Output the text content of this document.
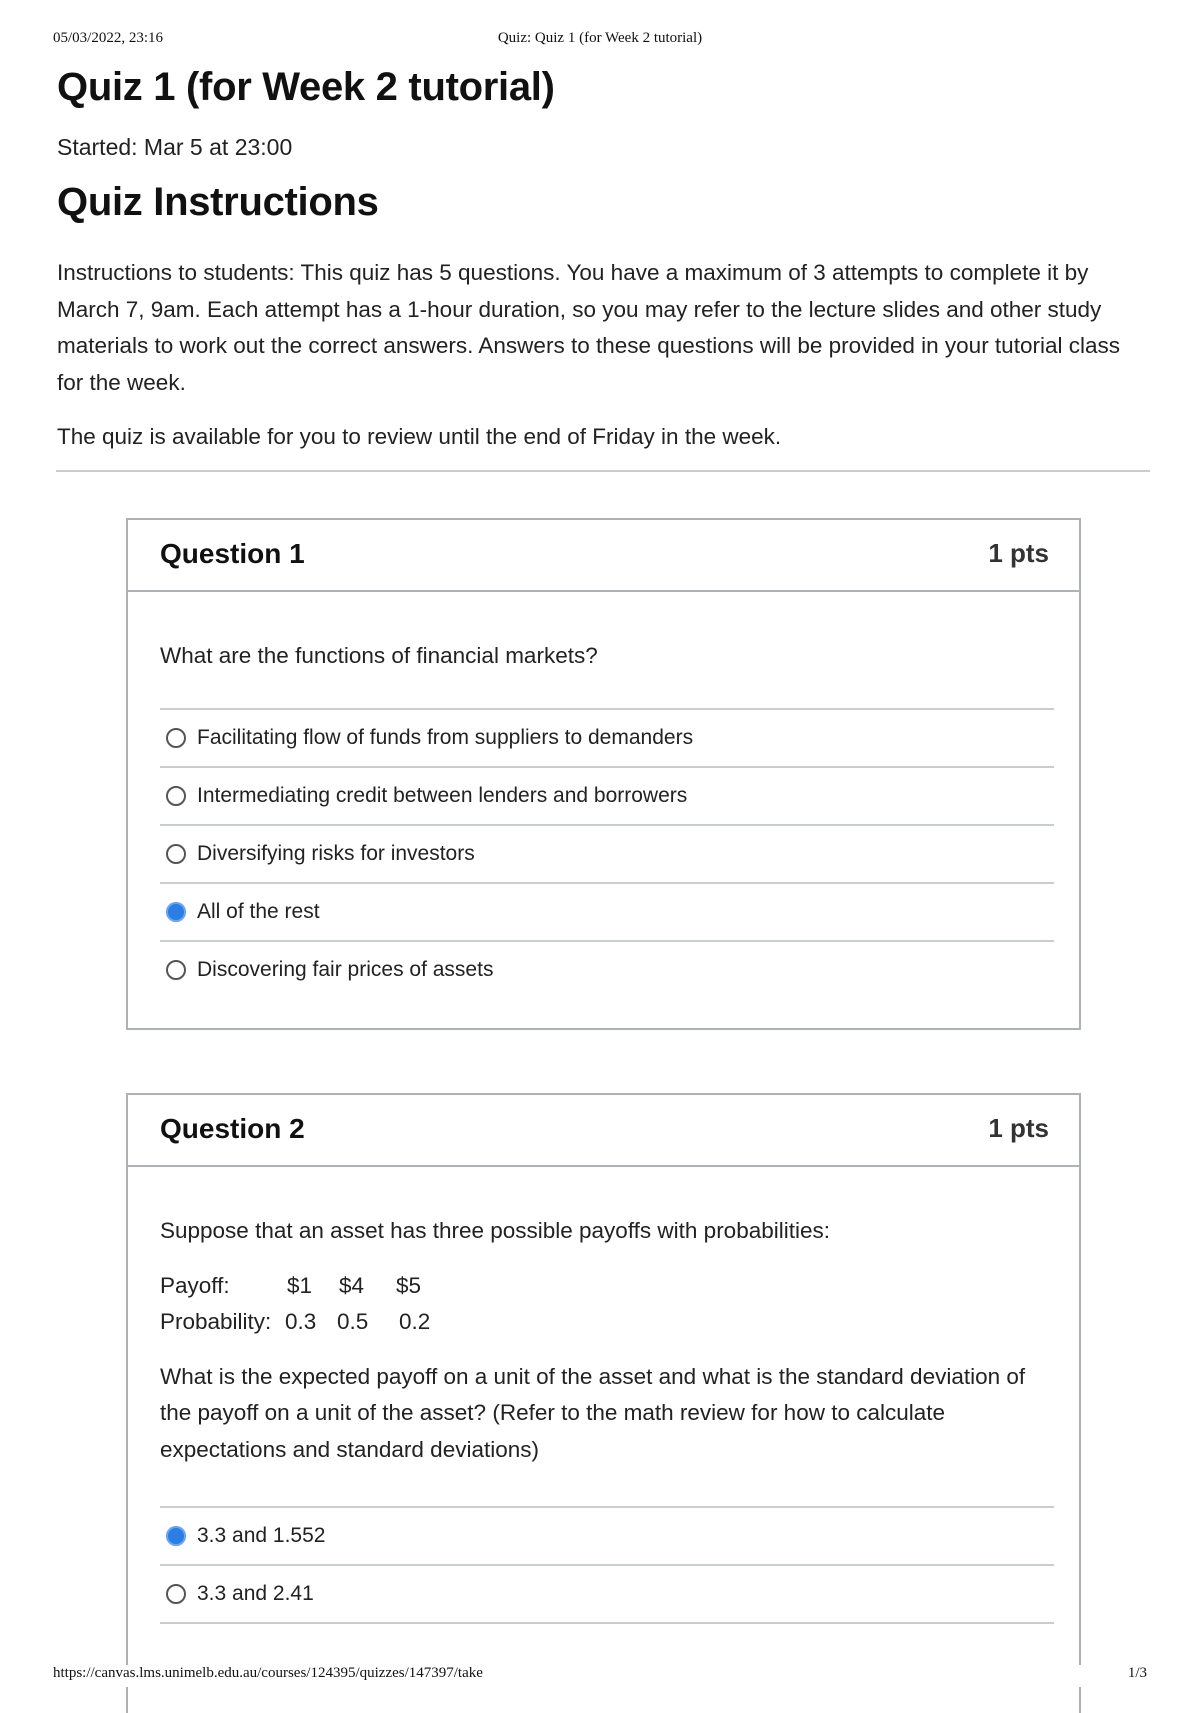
05/03/2022, 23:16	Quiz: Quiz 1 (for Week 2 tutorial)
Quiz 1 (for Week 2 tutorial)
Started: Mar 5 at 23:00
Quiz Instructions

Instructions to students: This quiz has 5 questions. You have a maximum of 3 attempts to complete it by March 7, 9am. Each attempt has a 1-hour duration, so you may refer to the lecture slides and other study materials to work out the correct answers. Answers to these questions will be provided in your tutorial class for the week.

The quiz is available for you to review until the end of Friday in the week.

Question 1	1 pts
What are the functions of financial markets?
Facilitating flow of funds from suppliers to demanders
Intermediating credit between lenders and borrowers
Diversifying risks for investors
All of the rest
Discovering fair prices of assets
Question 2	1 pts

Suppose that an asset has three possible payoffs with probabilities:

Payoff:	$1	$4	$5
Probability: 0.3 0.5	0.2

What is the expected payoff on a unit of the asset and what is the standard deviation of the payoff on a unit of the asset? (Refer to the math review for how to calculate expectations and standard deviations)

3.3 and 1.552
3.3 and 2.41
https://canvas.lms.unimelb.edu.au/courses/124395/quizzes/147397/take	1/3
